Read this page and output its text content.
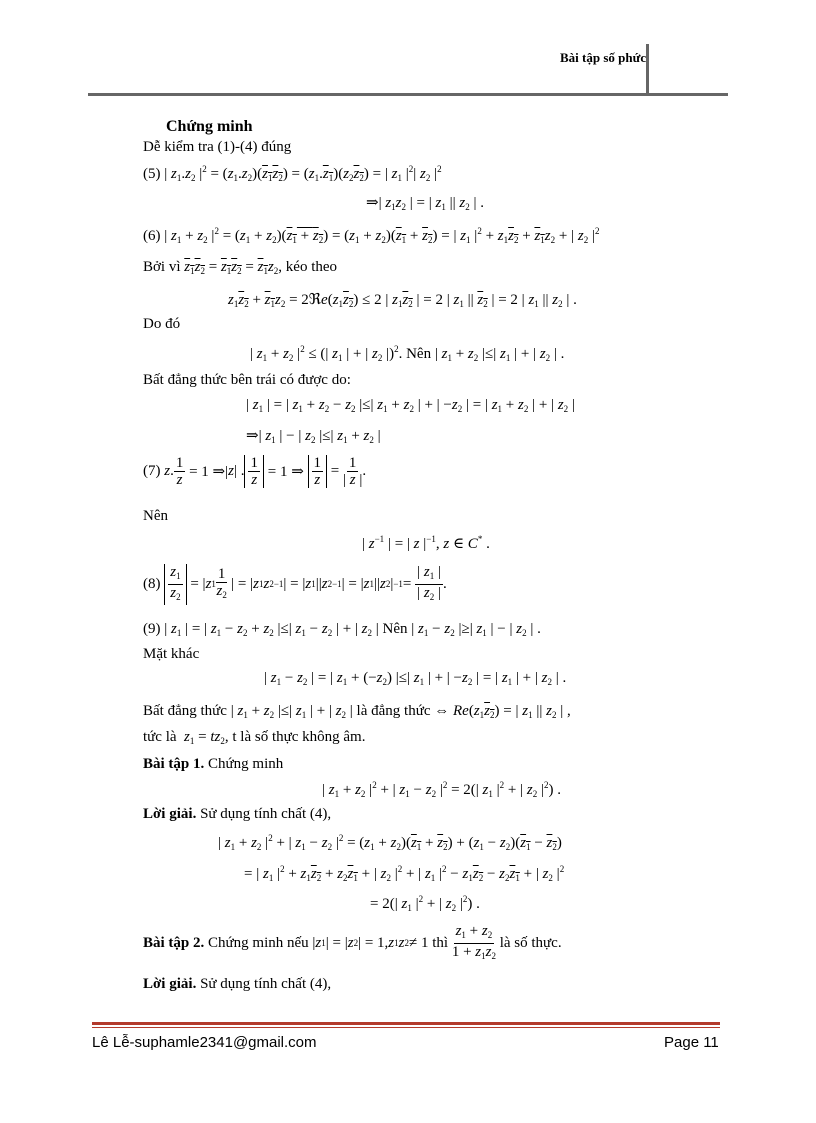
Bài tập số phức
Chứng minh
Dễ kiểm tra (1)-(4) đúng
(5) | $z_1.z_2$ $|^2 = (z_1.z_2)(z_1z_2) = (z_1.z_1)(z_2z_2)$ = | $z_1$ $|^2|$ $z_2$ $|^2$
⇒| $z_1z_2$ | = | $z_1$ || $z_2$ | .
(6) | $z_1 + z_2$ $|^2 = (z_1 + z_2)(z_1 + z_2) = (z_1 + z_2)(z_1 + z_2)$ = | $z_1$ $|^2 + z_1z_2 + z_1z_2$ + | $z_2$ $|^2$
Bởi vì $z_1z_2 = z_1z_2 = z_1z_2$, kéo theo
$z_1z_2 + z_1z_2$ = $2ℜe(z_1z_2) \le 2$ | $z_1z_2$ | = 2 | $z_1$ || $z_2$ | = 2 | $z_1$ || $z_2$ | .
Do đó
| $z_1 + z_2$ $|^2$ ≤ (| $z_1$ | + | $z_2$ |)$^2$. Nên | $z_1 + z_2$ |≤| $z_1$ | + | $z_2$ | .
Bất đẳng thức bên trái có được do:
| $z_1$ | = | $z_1 + z_2 - z_2$ |≤| $z_1 + z_2$ | + | $-z_2$ | = | $z_1 + z_2$ | + | $z_2$ |
⇒| $z_1$ | − | $z_2$ |≤| $z_1 + z_2$ |
(7)
z . $\frac{1}{z} = 1$ ⇒| z | . $\frac{1}{z} = 1$ ⇒ $\frac{1}{z} = \frac{1}{| z |}$ .
Nên
| $z^{-1}$ | = | z $|^{-1}$, z ∈ C* .
(8)
$\frac{z_1}{z_2}$ = | z $1 \frac{1}{z_2}$ | = | z 1 z 2 −1 | = | z 1 || z 2 −1 | = | z 1 || z 2 | $-1 = \frac{| z_1 |}{| z_2 |}$ .
(9) | $z_1$ | = | $z_1 - z_2 + z_2$ |≤| $z_1 - z_2$ | + | $z_2$ | Nên | $z_1 - z_2$ |≥| $z_1$ | − | $z_2$ | .
Mặt khác
| $z_1 - z_2$ | = | $z_1 + (-z_2)$ |≤| $z_1$ | + | $-z_2$ | = | $z_1$ | + | $z_2$ | .
Bất đẳng thức | $z_1 + z_2$ |≤| $z_1$ | + | $z_2$ | là đẳng thức ⇔ $Re(z_1z_2)$ = | $z_1$ || $z_2$ | ,
tức là $z_1 = tz_2$, t là số thực không âm.
Bài tập 1. Chứng minh
| $z_1 + z_2$ $|^2$ + | $z_1 - z_2$ $|^2 = 2(|$ $z_1$ $|^2$ + | $z_2$ $|^2$) .
Lời giải. Sử dụng tính chất (4),
| $z_1 + z_2$ $|^2$ + | $z_1 - z_2$ $|^2 = (z_1 + z_2)(z_1 + z_2) + (z_1 - z_2)(z_1 - z_2)$
= | $z_1$ $|^2 + z_1z_2 + z_2z_1$ + | $z_2$ $|^2$ + | $z_1$ $|^2 - z_1z_2 - z_2z_1$ + | $z_2$ $|^2$
= 2(| $z_1$ $|^2$ + | $z_2$ $|^2$) .
Bài tập 2.
Chứng minh nếu | z 1 | = | z 2 | = 1, z 1 z 2 ≠ 1 thì
$\frac{z_1 + z_2}{1 + z_1z_2}$
là số thực.
Lời giải. Sử dụng tính chất (4),
Lê Lễ-suphamle2341@gmail.com	Page 11
